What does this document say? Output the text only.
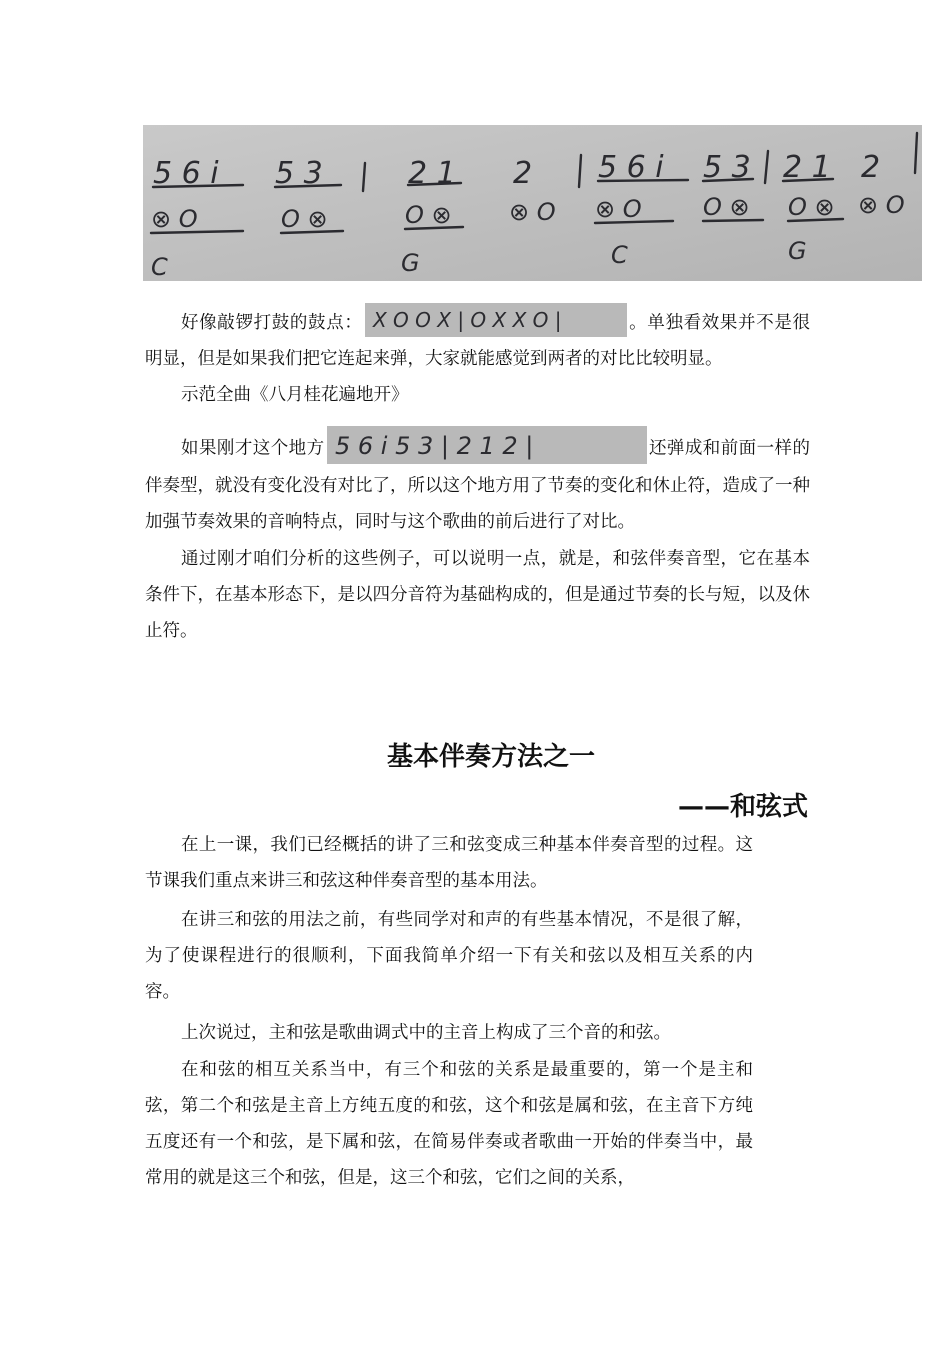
5 6 i 5 3	2 1 2 5 6 i 5 3 2 1 2
⊗ O	O ⊗	O ⊗ ⊗ O ⊗ O	O ⊗ O ⊗ ⊗ O
C	G	C	G

好像敲锣打鼓的鼓点： X O O X | O X X O |	。单独看效果并不是很明显，但是如果我们把它连起来弹，大家就能感觉到两者的对比比较明显。

示范全曲《八月桂花遍地开》

如果刚才这个地方 5 6 i 5 3 | 2 1 2 |	还弹成和前面一样的伴奏型，就没有变化没有对比了，所以这个地方用了节奏的变化和休止符，造成了一种加强节奏效果的音响特点，同时与这个歌曲的前后进行了对比。

通过刚才咱们分析的这些例子，可以说明一点，就是，和弦伴奏音型，它在基本条件下，在基本形态下，是以四分音符为基础构成的，但是通过节奏的长与短，以及休止符。

基本伴奏方法之一
——和弦式

在上一课，我们已经概括的讲了三和弦变成三种基本伴奏音型的过程。这节课我们重点来讲三和弦这种伴奏音型的基本用法。

在讲三和弦的用法之前，有些同学对和声的有些基本情况，不是很了解，为了使课程进行的很顺利，下面我简单介绍一下有关和弦以及相互关系的内容。

上次说过，主和弦是歌曲调式中的主音上构成了三个音的和弦。

在和弦的相互关系当中，有三个和弦的关系是最重要的，第一个是主和弦，第二个和弦是主音上方纯五度的和弦，这个和弦是属和弦，在主音下方纯五度还有一个和弦，是下属和弦，在简易伴奏或者歌曲一开始的伴奏当中，最常用的就是这三个和弦，但是，这三个和弦，它们之间的关系，
